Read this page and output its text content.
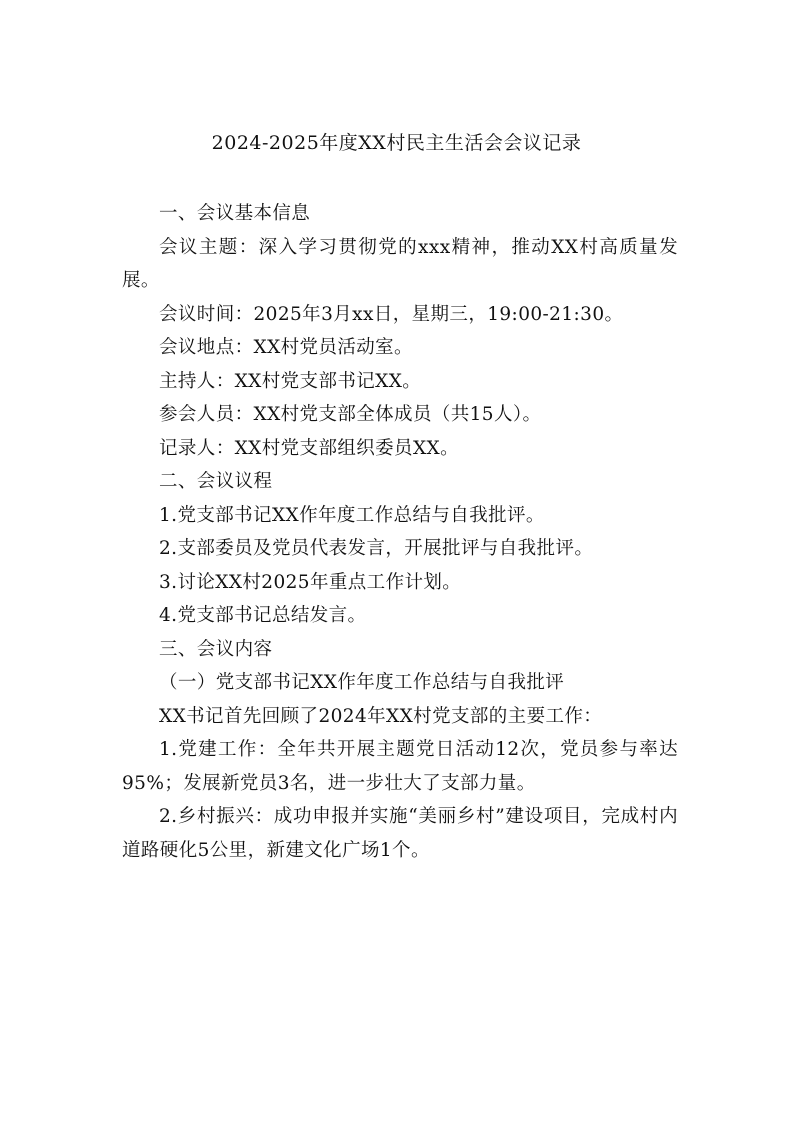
2024-2025年度XX村民主生活会会议记录

一、会议基本信息

会议主题：深入学习贯彻党的xxx精神，推动XX村高质量发展。

会议时间：2025年3月xx日，星期三，19:00-21:30。

会议地点：XX村党员活动室。

主持人：XX村党支部书记XX。

参会人员：XX村党支部全体成员（共15人）。

记录人：XX村党支部组织委员XX。

二、会议议程

1.党支部书记XX作年度工作总结与自我批评。

2.支部委员及党员代表发言，开展批评与自我批评。

3.讨论XX村2025年重点工作计划。

4.党支部书记总结发言。

三、会议内容

（一）党支部书记XX作年度工作总结与自我批评

XX书记首先回顾了2024年XX村党支部的主要工作：

1.党建工作：全年共开展主题党日活动12次，党员参与率达95%；发展新党员3名，进一步壮大了支部力量。

2.乡村振兴：成功申报并实施“美丽乡村”建设项目，完成村内道路硬化5公里，新建文化广场1个。
